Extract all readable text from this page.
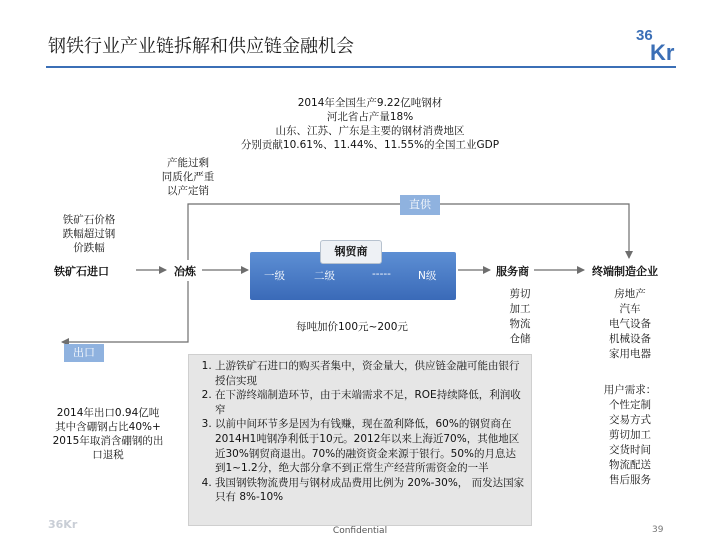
钢铁行业产业链拆解和供应链金融机会
36
Kr
2014年全国生产9.22亿吨钢材
河北省占产量18%
山东、江苏、广东是主要的钢材消费地区
分别贡献10.61%、11.44%、11.55%的全国工业GDP
产能过剩
同质化严重
以产定销
铁矿石价格
跌幅超过钢
价跌幅
铁矿石进口	冶炼	服务商	终端制造企业
直供
出口
钢贸商
一级	二级	-----	N级
每吨加价100元~200元
剪切
加工
物流
仓储
房地产
汽车
电气设备
机械设备
家用电器
用户需求：
个性定制
交易方式
剪切加工
交货时间
物流配送
售后服务
2014年出口0.94亿吨
其中含硼钢占比40%+
2015年取消含硼钢的出
口退税
1. 上游铁矿石进口的购买者集中，资金量大，供应链金融可能由银行授信实现
2. 在下游终端制造环节，由于末端需求不足，ROE持续降低，利润收窄
3. 以前中间环节多是因为有钱赚，现在盈利降低，60%的钢贸商在2014H1吨钢净利低于10元。2012年以来上海近70%，其他地区近30%钢贸商退出。70%的融资资金来源于银行。50%的月息达到1~1.2分，绝大部分拿不到正常生产经营所需资金的一半
4. 我国钢铁物流费用与钢材成品费用比例为 20%-30%， 而发达国家只有 8%-10%
36Kr	Confidential	39
